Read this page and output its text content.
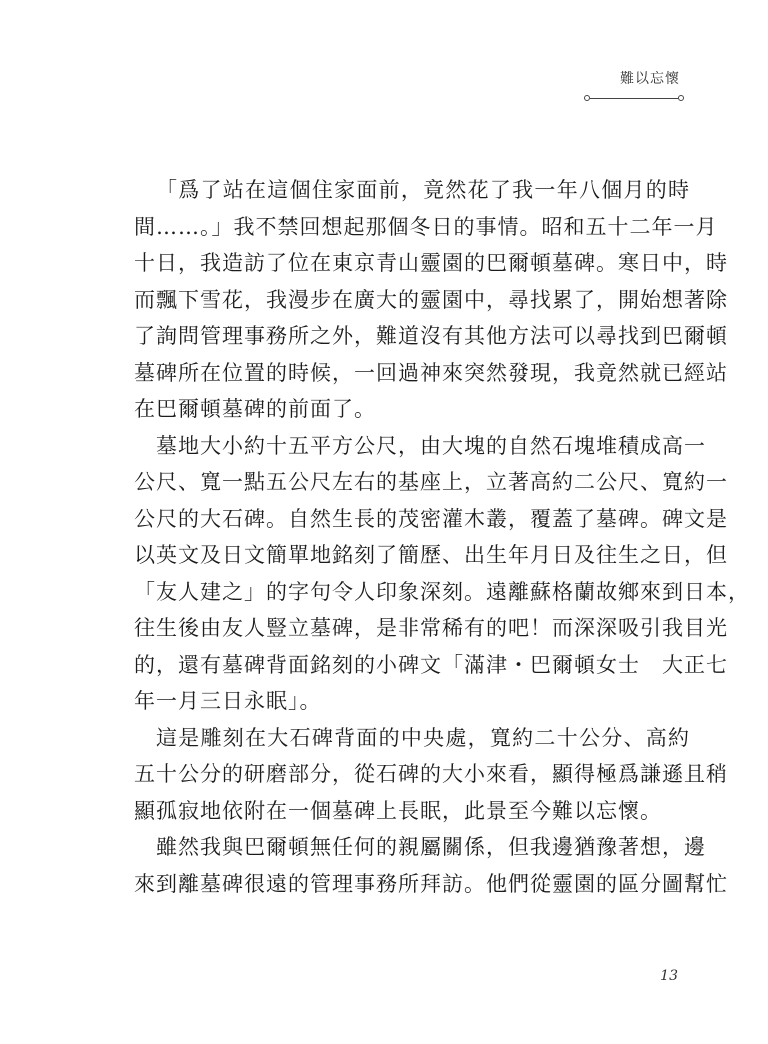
難以忘懷
「爲了站在這個住家面前，竟然花了我一年八個月的時
間……。」我不禁回想起那個冬日的事情。昭和五十二年一月
十日，我造訪了位在東京青山靈園的巴爾頓墓碑。寒日中，時
而飄下雪花，我漫步在廣大的靈園中，尋找累了，開始想著除
了詢問管理事務所之外，難道沒有其他方法可以尋找到巴爾頓
墓碑所在位置的時候，一回過神來突然發現，我竟然就已經站
在巴爾頓墓碑的前面了。
墓地大小約十五平方公尺，由大塊的自然石塊堆積成高一
公尺、寬一點五公尺左右的基座上，立著高約二公尺、寬約一
公尺的大石碑。自然生長的茂密灌木叢，覆蓋了墓碑。碑文是
以英文及日文簡單地銘刻了簡歷、出生年月日及往生之日，但
「友人建之」的字句令人印象深刻。遠離蘇格蘭故鄉來到日本，
往生後由友人豎立墓碑，是非常稀有的吧！而深深吸引我目光
的，還有墓碑背面銘刻的小碑文「滿津・巴爾頓女士　大正七
年一月三日永眠」。
這是雕刻在大石碑背面的中央處，寬約二十公分、高約
五十公分的研磨部分，從石碑的大小來看，顯得極爲謙遜且稍
顯孤寂地依附在一個墓碑上長眠，此景至今難以忘懷。
雖然我與巴爾頓無任何的親屬關係，但我邊猶豫著想，邊
來到離墓碑很遠的管理事務所拜訪。他們從靈園的區分圖幫忙
13
